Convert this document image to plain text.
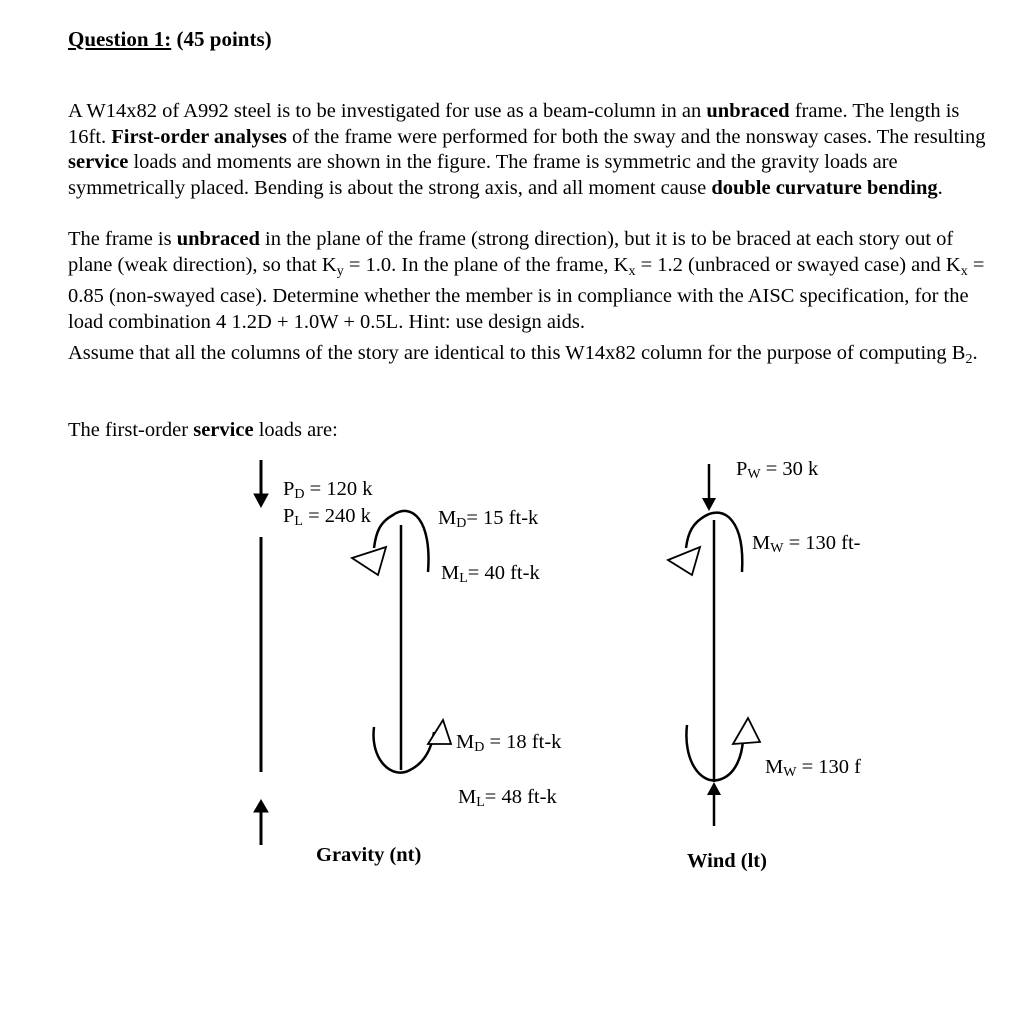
Question 1: (45 points)
A W14x82 of A992 steel is to be investigated for use as a beam-column in an unbraced frame. The length is 16ft. First-order analyses of the frame were performed for both the sway and the nonsway cases. The resulting service loads and moments are shown in the figure. The frame is symmetric and the gravity loads are symmetrically placed. Bending is about the strong axis, and all moment cause double curvature bending.
The frame is unbraced in the plane of the frame (strong direction), but it is to be braced at each story out of plane (weak direction), so that $K_y = 1.0$. In the plane of the frame, $K_x = 1.2$ (unbraced or swayed case) and $K_x = 0.85$ (non-swayed case). Determine whether the member is in compliance with the AISC specification, for the load combination 4 1.2D + 1.0W + 0.5L. Hint: use design aids.
Assume that all the columns of the story are identical to this W14x82 column for the purpose of computing $B_2$.
The first-order service loads are:
PD = 120 k
PL = 240 k	MD= 15 ft-k
ML= 40 ft-k
MD = 18 ft-k
ML= 48 ft-k
Gravity (nt)
PW = 30 k
MW = 130 ft-
MW = 130 f
Wind (lt)
